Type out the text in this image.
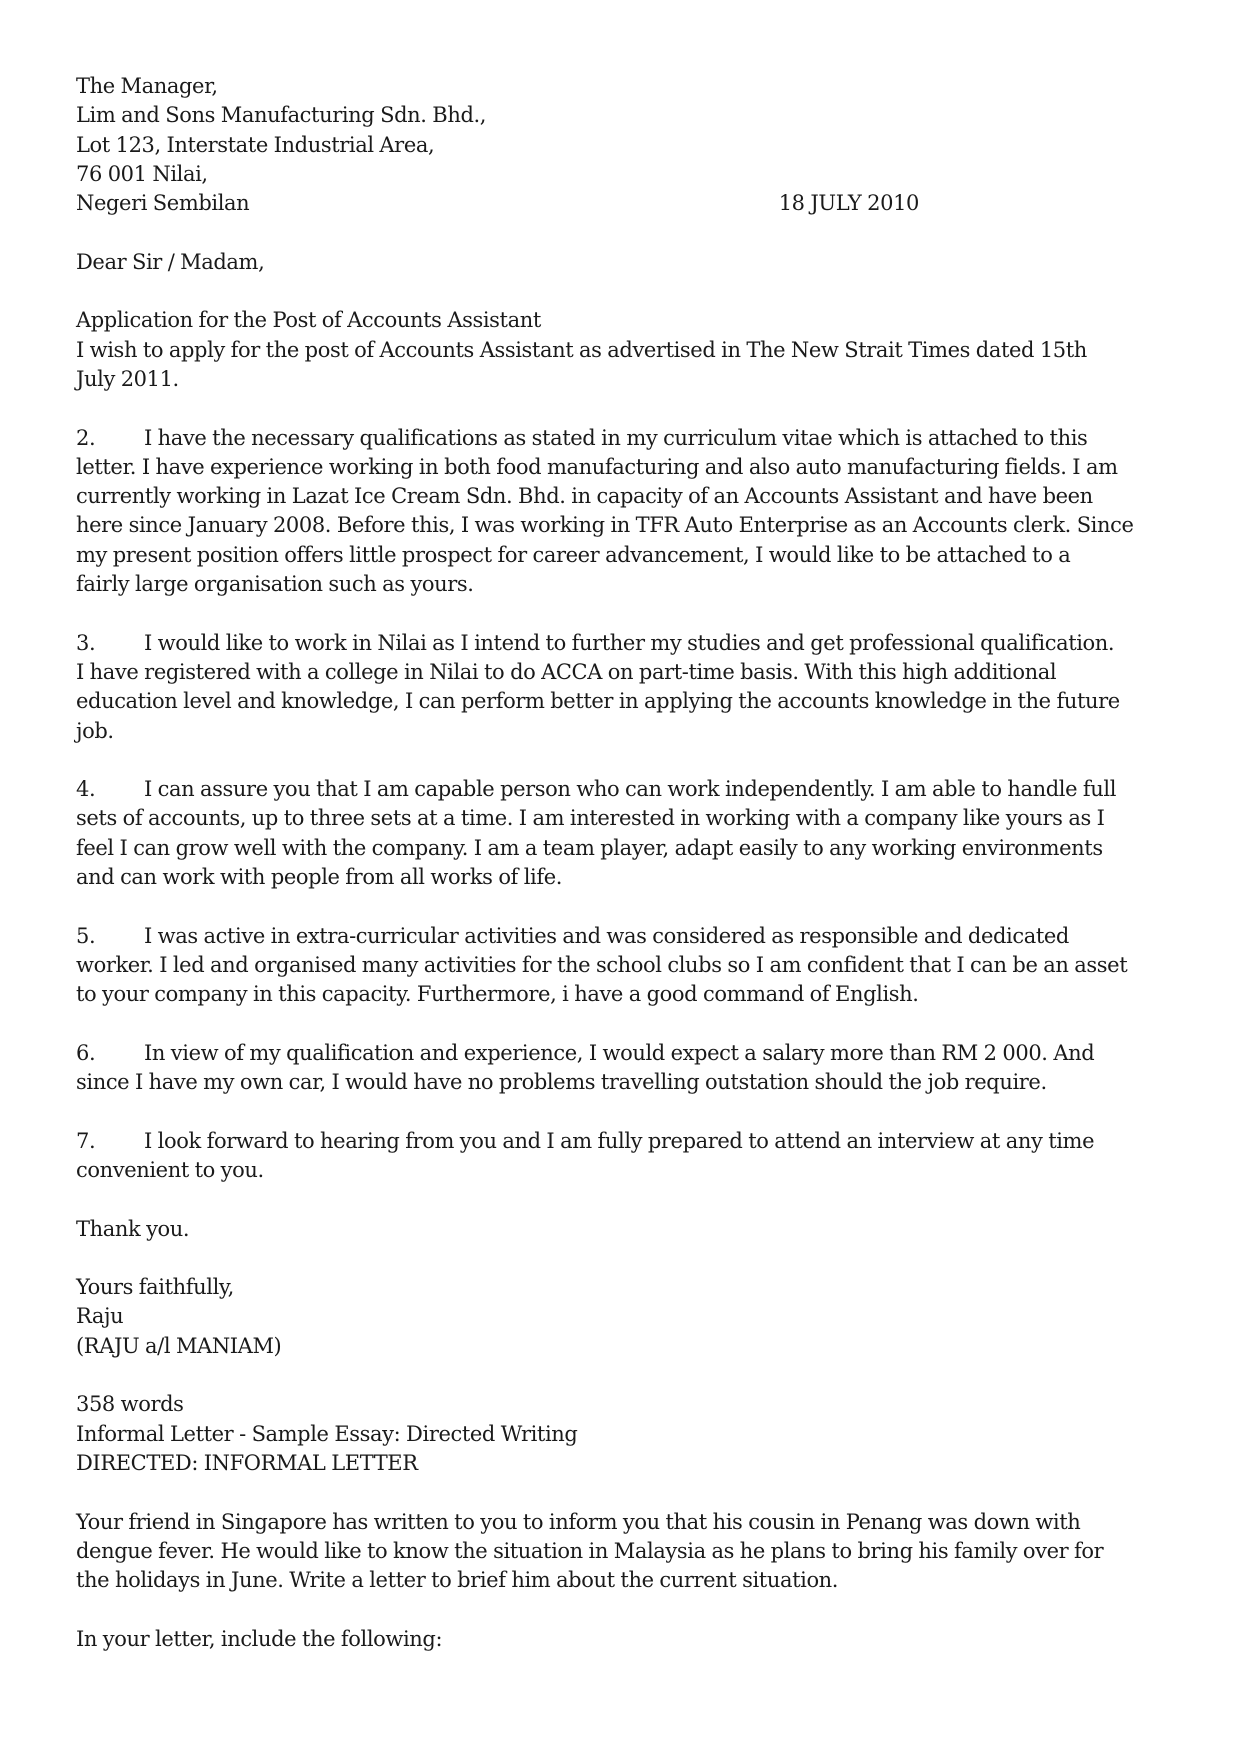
The Manager,
Lim and Sons Manufacturing Sdn. Bhd.,
Lot 123, Interstate Industrial Area,
76 001 Nilai,
Negeri Sembilan	18 JULY 2010
Dear Sir / Madam,
Application for the Post of Accounts Assistant
I wish to apply for the post of Accounts Assistant as advertised in The New Strait Times dated 15th
July 2011.
2. I have the necessary qualifications as stated in my curriculum vitae which is attached to this
letter. I have experience working in both food manufacturing and also auto manufacturing fields. I am
currently working in Lazat Ice Cream Sdn. Bhd. in capacity of an Accounts Assistant and have been
here since January 2008. Before this, I was working in TFR Auto Enterprise as an Accounts clerk. Since
my present position offers little prospect for career advancement, I would like to be attached to a
fairly large organisation such as yours.
3. I would like to work in Nilai as I intend to further my studies and get professional qualification.
I have registered with a college in Nilai to do ACCA on part-time basis. With this high additional
education level and knowledge, I can perform better in applying the accounts knowledge in the future
job.
4. I can assure you that I am capable person who can work independently. I am able to handle full
sets of accounts, up to three sets at a time. I am interested in working with a company like yours as I
feel I can grow well with the company. I am a team player, adapt easily to any working environments
and can work with people from all works of life.
5. I was active in extra-curricular activities and was considered as responsible and dedicated
worker. I led and organised many activities for the school clubs so I am confident that I can be an asset
to your company in this capacity. Furthermore, i have a good command of English.
6. In view of my qualification and experience, I would expect a salary more than RM 2 000. And
since I have my own car, I would have no problems travelling outstation should the job require.
7. I look forward to hearing from you and I am fully prepared to attend an interview at any time
convenient to you.
Thank you.
Yours faithfully,
Raju
(RAJU a/l MANIAM)
358 words
Informal Letter - Sample Essay: Directed Writing
DIRECTED: INFORMAL LETTER
Your friend in Singapore has written to you to inform you that his cousin in Penang was down with
dengue fever. He would like to know the situation in Malaysia as he plans to bring his family over for
the holidays in June. Write a letter to brief him about the current situation.
In your letter, include the following:
